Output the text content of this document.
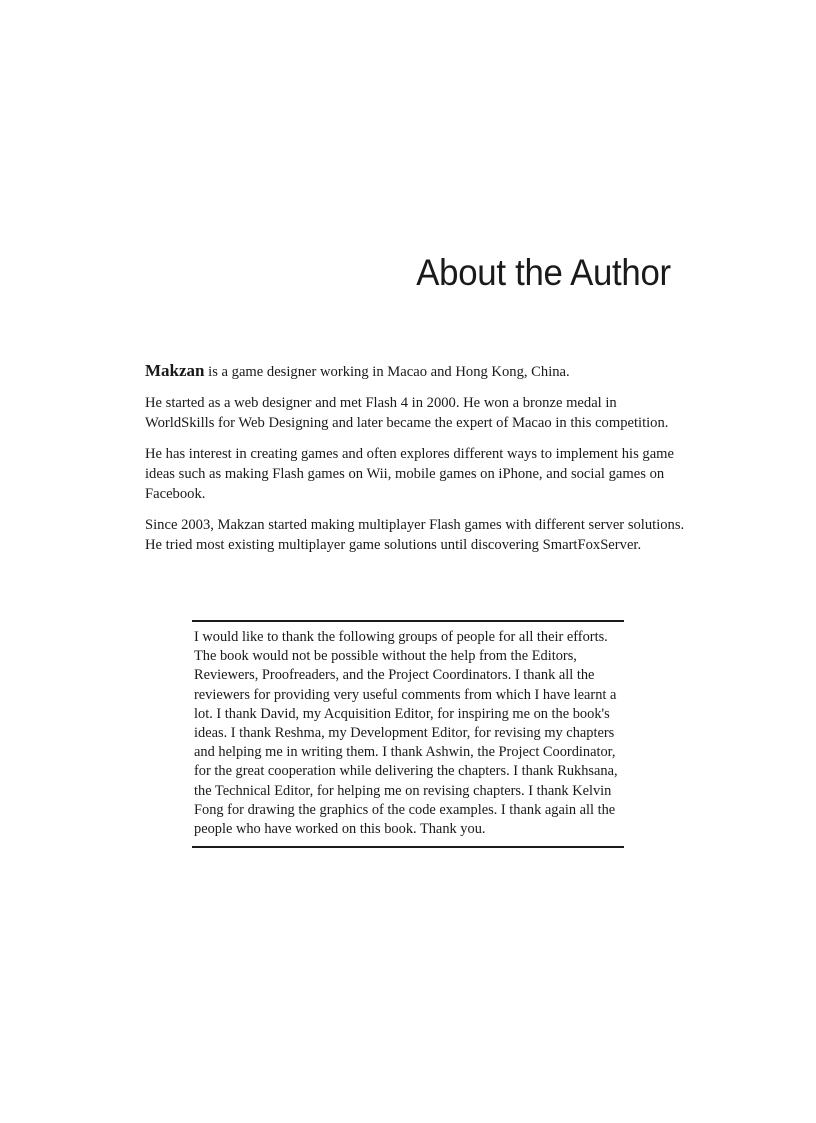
About the Author

Makzan is a game designer working in Macao and Hong Kong, China.

He started as a web designer and met Flash 4 in 2000. He won a bronze medal in WorldSkills for Web Designing and later became the expert of Macao in this competition.

He has interest in creating games and often explores different ways to implement his game ideas such as making Flash games on Wii, mobile games on iPhone, and social games on Facebook.

Since 2003, Makzan started making multiplayer Flash games with different server solutions. He tried most existing multiplayer game solutions until discovering SmartFoxServer.

I would like to thank the following groups of people for all their efforts. The book would not be possible without the help from the Editors, Reviewers, Proofreaders, and the Project Coordinators. I thank all the reviewers for providing very useful comments from which I have learnt a lot. I thank David, my Acquisition Editor, for inspiring me on the book's ideas. I thank Reshma, my Development Editor, for revising my chapters and helping me in writing them. I thank Ashwin, the Project Coordinator, for the great cooperation while delivering the chapters. I thank Rukhsana, the Technical Editor, for helping me on revising chapters. I thank Kelvin Fong for drawing the graphics of the code examples. I thank again all the people who have worked on this book. Thank you.
